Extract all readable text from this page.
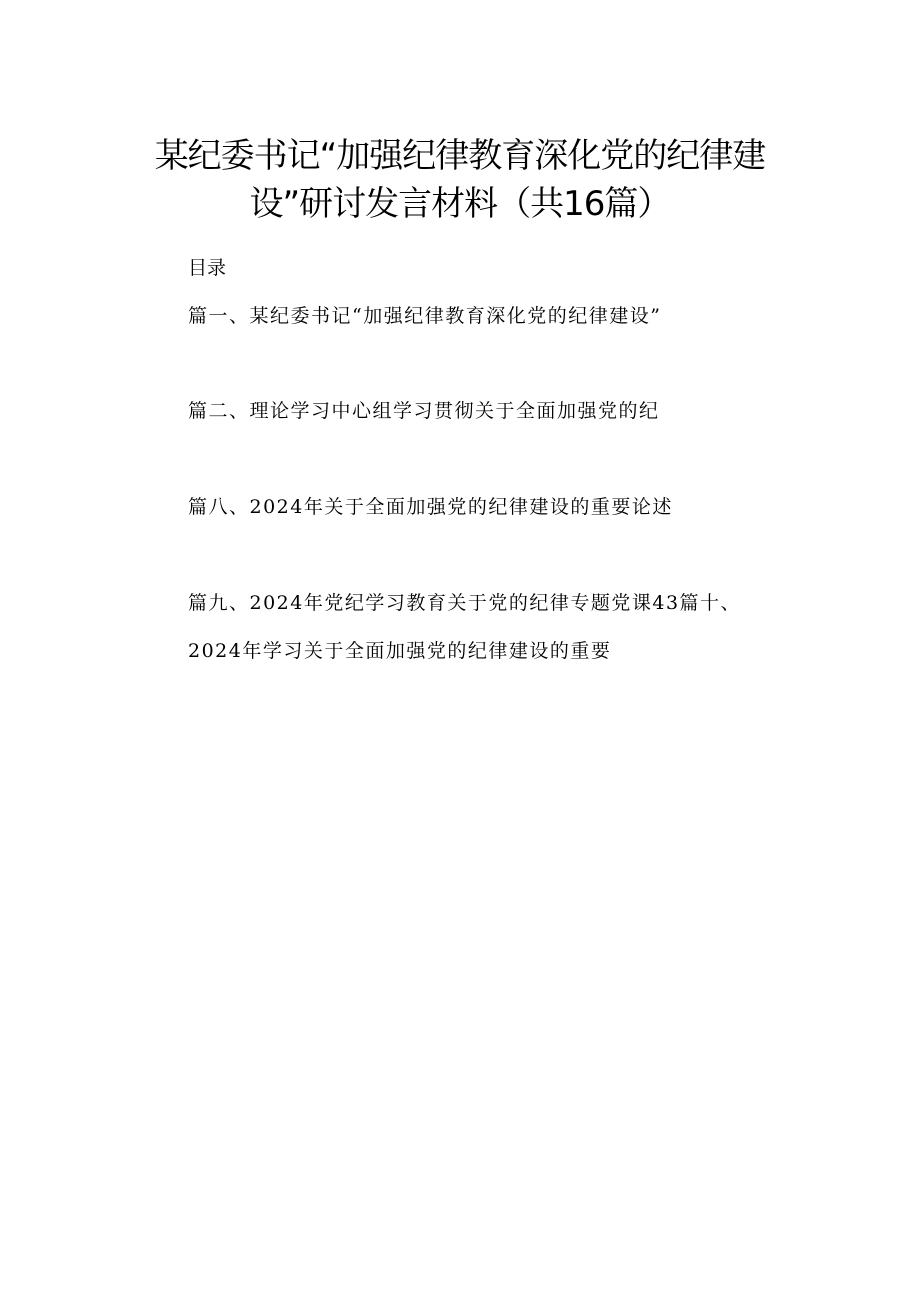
某纪委书记“加强纪律教育深化党的纪律建
设”研讨发言材料（共16篇）

目录

篇一、某纪委书记“加强纪律教育深化党的纪律建设”

篇二、理论学习中心组学习贯彻关于全面加强党的纪

篇八、2024年关于全面加强党的纪律建设的重要论述

篇九、2024年党纪学习教育关于党的纪律专题党课43篇十、

2024年学习关于全面加强党的纪律建设的重要
